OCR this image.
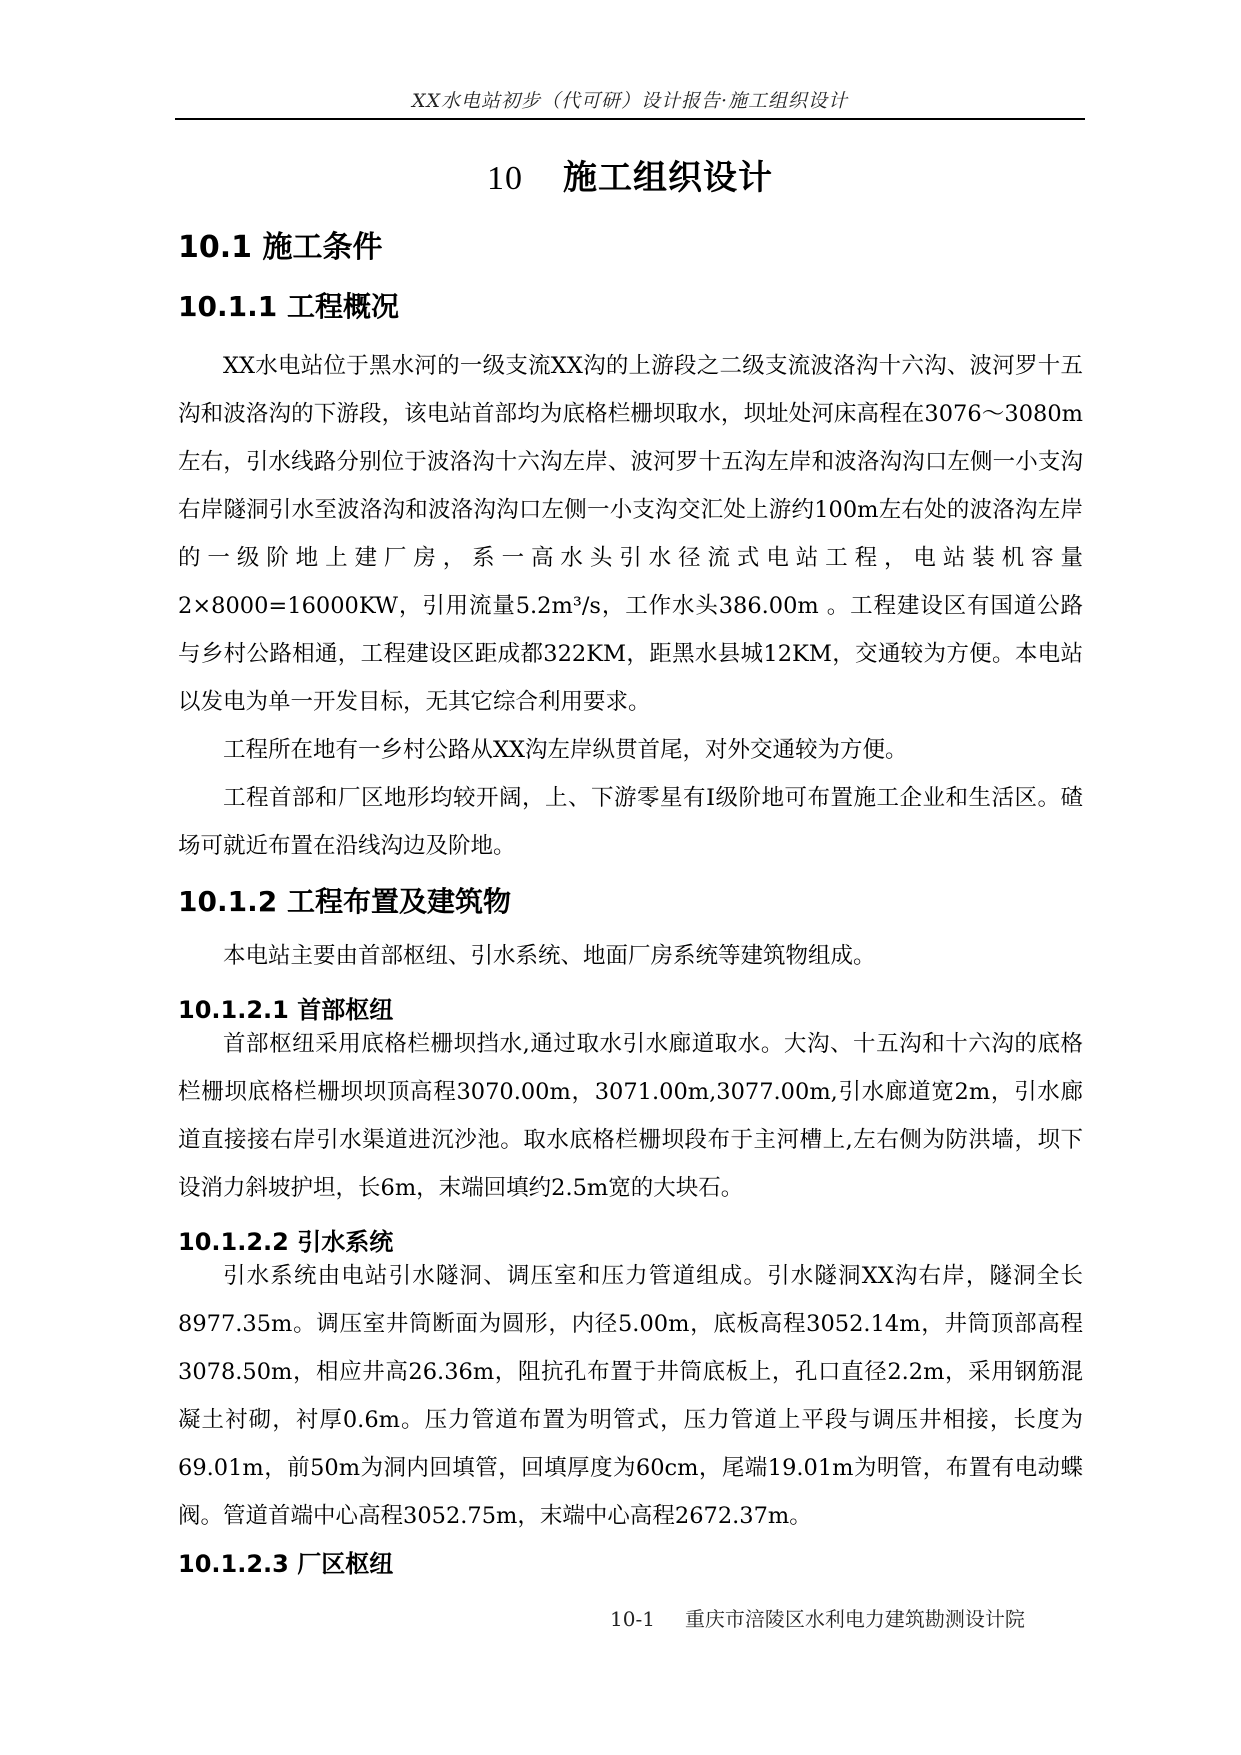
XX水电站初步（代可研）设计报告·施工组织设计
10 施工组织设计
10.1 施工条件
10.1.1 工程概况

XX水电站位于黑水河的一级支流XX沟的上游段之二级支流波洛沟十六沟、波河罗十五沟和波洛沟的下游段，该电站首部均为底格栏栅坝取水，坝址处河床高程在3076～3080m左右，引水线路分别位于波洛沟十六沟左岸、波河罗十五沟左岸和波洛沟沟口左侧一小支沟右岸隧洞引水至波洛沟和波洛沟沟口左侧一小支沟交汇处上游约100m左右处的波洛沟左岸的一级阶地上建厂房，系一高水头引水径流式电站工程，电站装机容量2×8000=16000KW，引用流量5.2m³/s，工作水头386.00m 。工程建设区有国道公路与乡村公路相通，工程建设区距成都322KM，距黑水县城12KM，交通较为方便。本电站以发电为单一开发目标，无其它综合利用要求。

工程所在地有一乡村公路从XX沟左岸纵贯首尾，对外交通较为方便。

工程首部和厂区地形均较开阔，上、下游零星有Ⅰ级阶地可布置施工企业和生活区。碴场可就近布置在沿线沟边及阶地。

10.1.2 工程布置及建筑物

本电站主要由首部枢纽、引水系统、地面厂房系统等建筑物组成。

10.1.2.1 首部枢纽

首部枢纽采用底格栏栅坝挡水,通过取水引水廊道取水。大沟、十五沟和十六沟的底格栏栅坝底格栏栅坝坝顶高程3070.00m，3071.00m,3077.00m,引水廊道宽2m，引水廊道直接接右岸引水渠道进沉沙池。取水底格栏栅坝段布于主河槽上,左右侧为防洪墙，坝下设消力斜坡护坦，长6m，末端回填约2.5m宽的大块石。

10.1.2.2 引水系统

引水系统由电站引水隧洞、调压室和压力管道组成。引水隧洞XX沟右岸，隧洞全长8977.35m。调压室井筒断面为圆形，内径5.00m，底板高程3052.14m，井筒顶部高程3078.50m，相应井高26.36m，阻抗孔布置于井筒底板上，孔口直径2.2m，采用钢筋混凝土衬砌，衬厚0.6m。压力管道布置为明管式，压力管道上平段与调压井相接，长度为69.01m，前50m为洞内回填管，回填厚度为60cm，尾端19.01m为明管，布置有电动蝶阀。管道首端中心高程3052.75m，末端中心高程2672.37m。

10.1.2.3 厂区枢纽
10-1 重庆市涪陵区水利电力建筑勘测设计院
